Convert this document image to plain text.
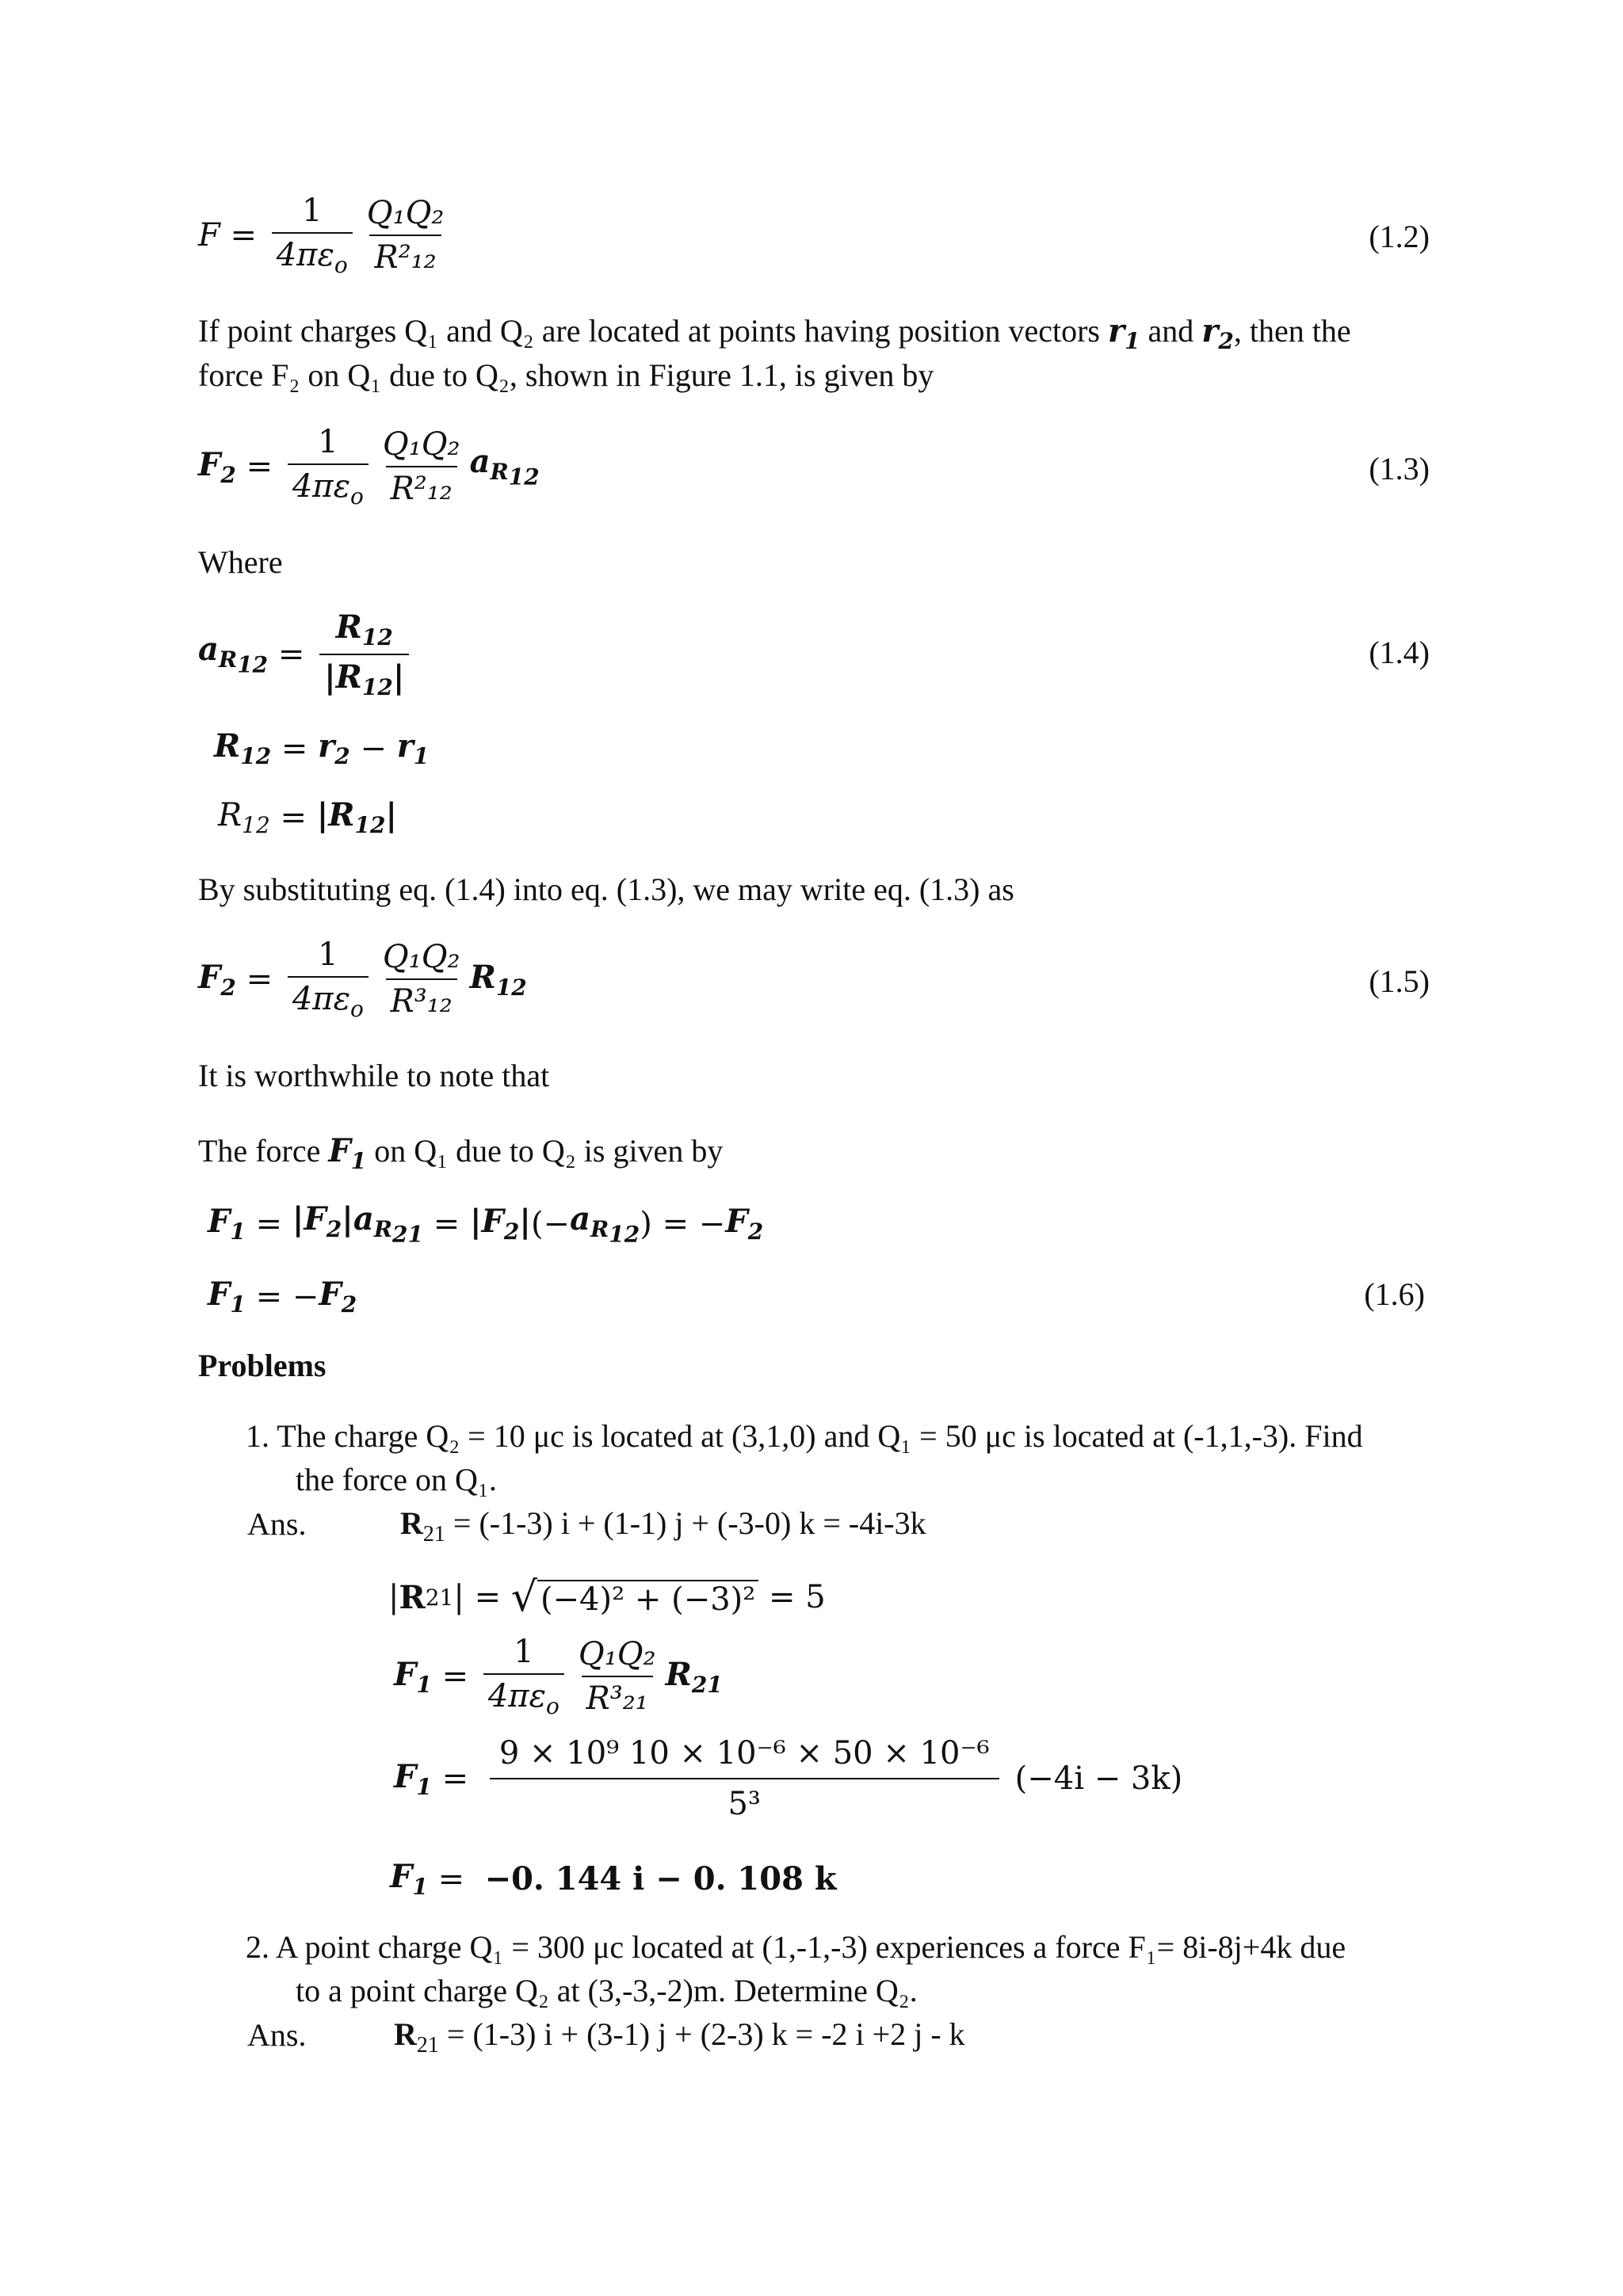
$F = \frac{1}{4\pi\varepsilon_o} \frac{\text{Q₁Q₂}}{\text{R²₁₂}}$	(1.2)
If point charges Q₁ and Q₂ are located at points having position vectors $r_1$ and $r_2$, then the
force F₂ on Q₁ due to Q₂, shown in Figure 1.1, is given by
$F_2 = \frac{1}{4\pi\varepsilon_o} \frac{\text{Q₁Q₂}}{\text{R²₁₂}} a_{R_{12}}$	(1.3)
Where
$a_{R_{12}} = \frac{R_{12}}{|R_{12}|}$	(1.4)
$R_{12} = r_2 - r_1$
$R_{12} = |R_{12}|$
By substituting eq. (1.4) into eq. (1.3), we may write eq. (1.3) as
$F_2 = \frac{1}{4\pi\varepsilon_o} \frac{\text{Q₁Q₂}}{\text{R³₁₂}} R_{12}$	(1.5)
It is worthwhile to note that
The force $F_1$ on Q₁ due to Q₂ is given by
$F_1 = |F_2|a_{R_{21}} = |F_2|$ (− $a_{R_{12}}$ ) = − $F_2$
$F_1$ = − $F_2$	(1.6)
Problems
1. The charge Q₂ = 10 μc is located at (3,1,0) and Q₁ = 50 μc is located at (-1,1,-3). Find
the force on Q₁.
Ans.	$R_{21} = (-1-3) i + (1-1) j + (-3-0) k = -4i-3k$
| R 21 | = √ (−4)² + (−3)²
= 5
$F_1 = \frac{1}{4\pi\varepsilon_o} \frac{\text{Q₁Q₂}}{\text{R³₂₁}} R_{21}$
$F_1 = \frac{\text{9 × 10⁹ 10 × 10⁻⁶ × 50 × 10⁻⁶}}{\text{5³}} (-4i - 3k)$
$F_1 = -0$. 144 i − 0. 108 k
2. A point charge Q₁ = 300 μc located at (1,-1,-3) experiences a force F₁= 8i-8j+4k due
to a point charge Q₂ at (3,-3,-2)m. Determine Q₂.
Ans.	$R_{21} = (1-3) i + (3-1) j + (2-3) k = -2$ i +2 j - k
